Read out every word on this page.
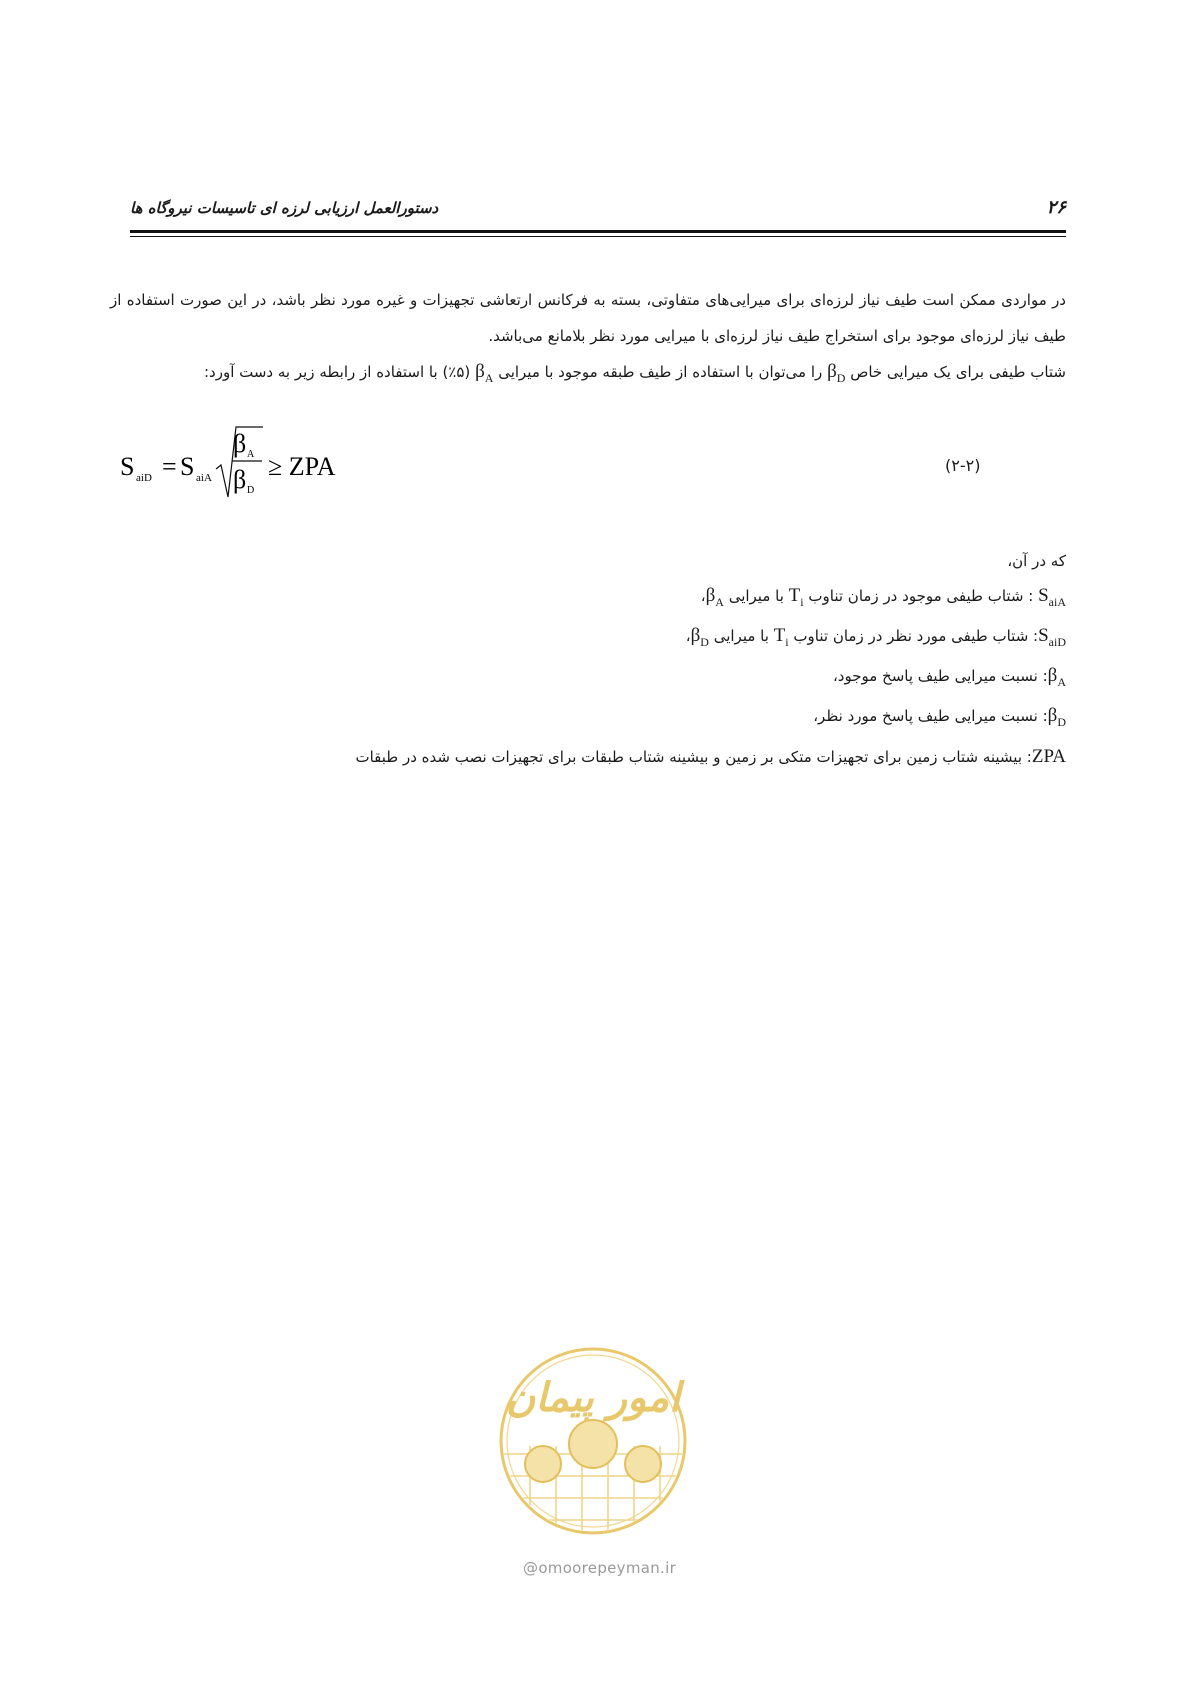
۲۶
دستورالعمل ارزیابی لرزه ای تاسیسات نیروگاه ها

در مواردی ممکن است طیف نیاز لرزه‌ای برای میرایی‌های متفاوتی، بسته به فرکانس ارتعاشی تجهیزات و غیره مورد نظر باشد، در این صورت استفاده از طیف نیاز لرزه‌ای موجود برای استخراج طیف نیاز لرزه‌ای با میرایی مورد نظر بلامانع می‌باشد.

شتاب طیفی برای یک میرایی خاص $\beta_D$ را می‌توان با استفاده از طیف طبقه موجود با میرایی $\beta_A$ (۵٪) با استفاده از رابطه زیر به دست آورد:

S aiD = S aiA
β A
β D
≥ ZPA	(۲-۲)
که در آن،
$S_{aiA}$ : شتاب طیفی موجود در زمان تناوب $T_i$ با میرایی $\beta_A،$
$S_{aiD}$: شتاب طیفی مورد نظر در زمان تناوب $T_i$ با میرایی $\beta_D،$
$\beta_A$: نسبت میرایی طیف پاسخ موجود،
$\beta_D$: نسبت میرایی طیف پاسخ مورد نظر،
ZPA: بیشینه شتاب زمین برای تجهیزات متکی بر زمین و بیشینه شتاب طبقات برای تجهیزات نصب شده در طبقات
امور پیمان
@omoorepeyman.ir
